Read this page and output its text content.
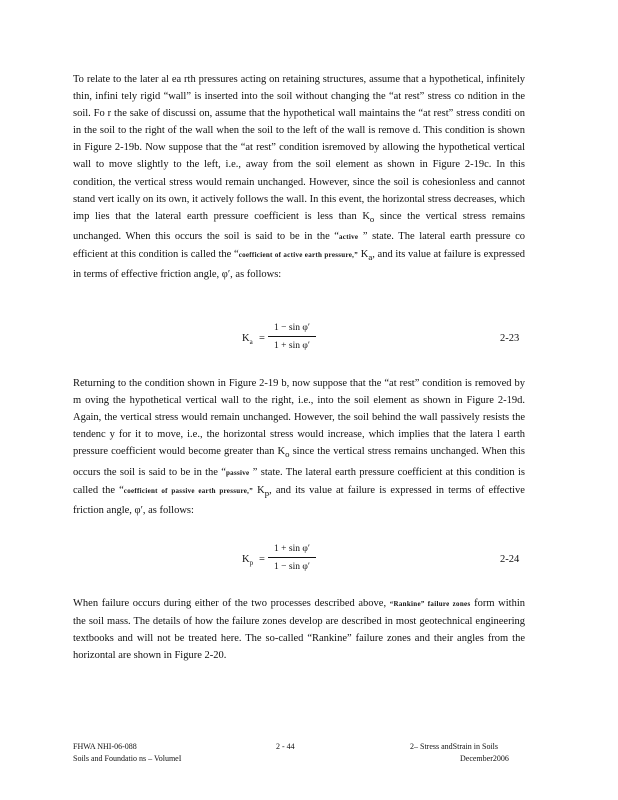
To relate to the later al ea rth pressures acting on retaining structures, assume that a hypothetical, infinitely thin, infini tely rigid “wall” is inserted into the soil without changing the “at rest” stress co ndition in the soil. Fo r the sake of discussi on, assume that the hypothetical wall maintains the “at rest” stress conditi on in the soil to the right of the wall when the soil to the left of the wall is remove d. This condition is shown in Figure 2-19b. Now suppose that the “at rest” condition isremoved by allowing the hypothetical vertical wall to move slightly to the left, i.e., away from the soil element as shown in Figure 2-19c. In this condition, the vertical stress would remain unchanged. However, since the soil is cohesionless and cannot stand vert ically on its own, it actively follows the wall. In this event, the horizontal stress decreases, which imp lies that the lateral earth pressure coefficient is less than $K_o$ since the vertical stress remains unchanged. When this occurs the soil is said to be in the “active ” state. The lateral earth pressure co efficient at this condition is called the “coefficient of active earth pressure,” $K_a$, and its value at failure is expressed in terms of effective friction angle, φ′, as follows:

$K_a$ =
1 − sin φ′
1 + sin φ′
2-23

Returning to the condition shown in Figure 2-19 b, now suppose that the “at rest” condition is removed by m oving the hypothetical vertical wall to the right, i.e., into the soil element as shown in Figure 2-19d. Again, the vertical stress would remain unchanged. However, the soil behind the wall passively resists the tendenc y for it to move, i.e., the horizontal stress would increase, which implies that the latera l earth pressure coefficient would become greater than $K_o$ since the vertical stress remains unchanged. When this occurs the soil is said to be in the “passive ” state. The lateral earth pressure coefficient at this condition is called the “coefficient of passive earth pressure,” $K_p$, and its value at failure is expressed in terms of effective friction angle, φ′, as follows:

$K_p$ =
1 + sin φ′
1 − sin φ′
2-24

When failure occurs during either of the two processes described above, “Rankine” failure zones form within the soil mass. The details of how the failure zones develop are described in most geotechnical engineering textbooks and will not be treated here. The so-called “Rankine” failure zones and their angles from the horizontal are shown in Figure 2-20.

FHWA NHI-06-088
Soils and Foundatio ns – VolumeI
2 - 44	2– Stress andStrain in Soils
December2006
